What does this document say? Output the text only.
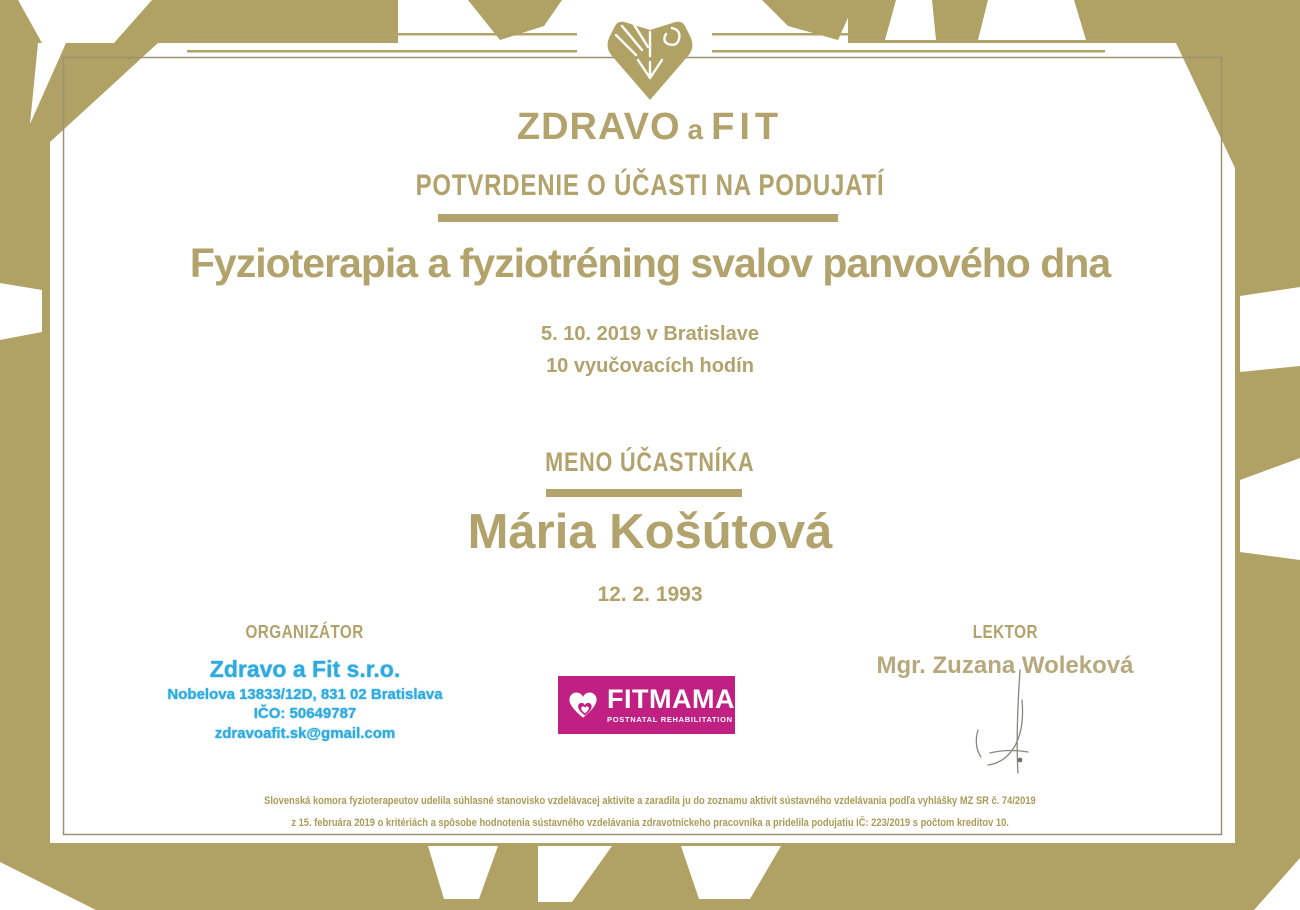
ZDRAVO a FIT
POTVRDENIE O ÚČASTI NA PODUJATÍ
Fyzioterapia a fyziotréning svalov panvového dna
5. 10. 2019 v Bratislave
10 vyučovacích hodín
MENO ÚČASTNÍKA
Mária Košútová
12. 2. 1993
ORGANIZÁTOR
Zdravo a Fit s.r.o.
Nobelova 13833/12D, 831 02 Bratislava
IČO: 50649787
zdravoafit.sk@gmail.com
FITMAMA
POSTNATAL REHABILITATION
LEKTOR
Mgr. Zuzana Woleková
Slovenská komora fyzioterapeutov udelila súhlasné stanovisko vzdelávacej aktivite a zaradila ju do zoznamu aktivít sústavného vzdelávania podľa vyhlášky MZ SR č. 74/2019
z 15. februára 2019 o kritériách a spôsobe hodnotenia sústavného vzdelávania zdravotníckeho pracovníka a pridelila podujatiu IČ: 223/2019 s počtom kreditov 10.
